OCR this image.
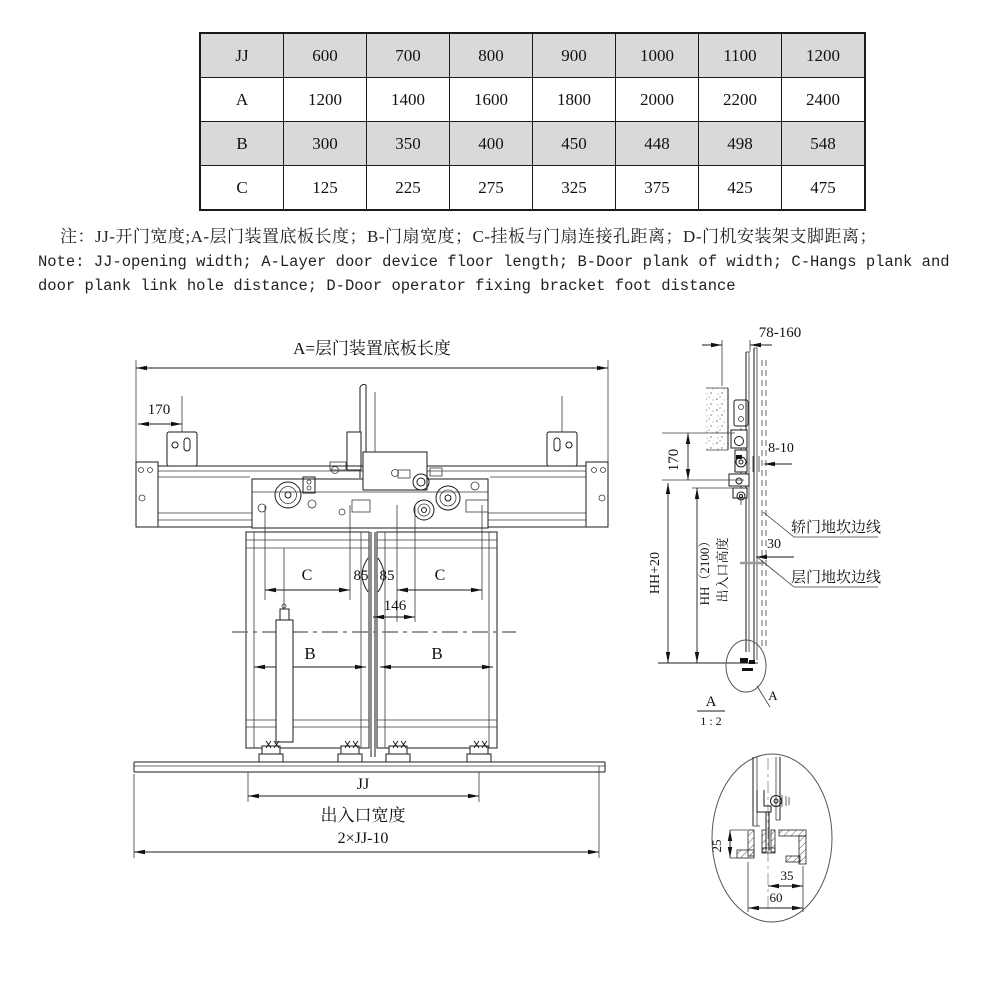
JJ	600	700	800	900	1000	1100	1200
A	1200	1400	1600	1800	2000	2200	2400
B	300	350	400	450	448	498	548
C	125	225	275	325	375	425	475
注：JJ-开门宽度;A-层门装置底板长度；B-门扇宽度；C-挂板与门扇连接孔距离；D-门机安装架支脚距离；
Note: JJ-opening width; A-Layer door device floor length; B-Door plank of width; C-Hangs plank and
door plank link hole distance; D-Door operator fixing bracket foot distance
A=层门装置底板长度
170
C	85 85	C
146
B	B
JJ
出入口宽度
2×JJ-10
78-160
8-10
170
HH+20	HH（2100） 出入口高度	30
轿门地坎边线
层门地坎边线
A
A
1 : 2
25
35
60
